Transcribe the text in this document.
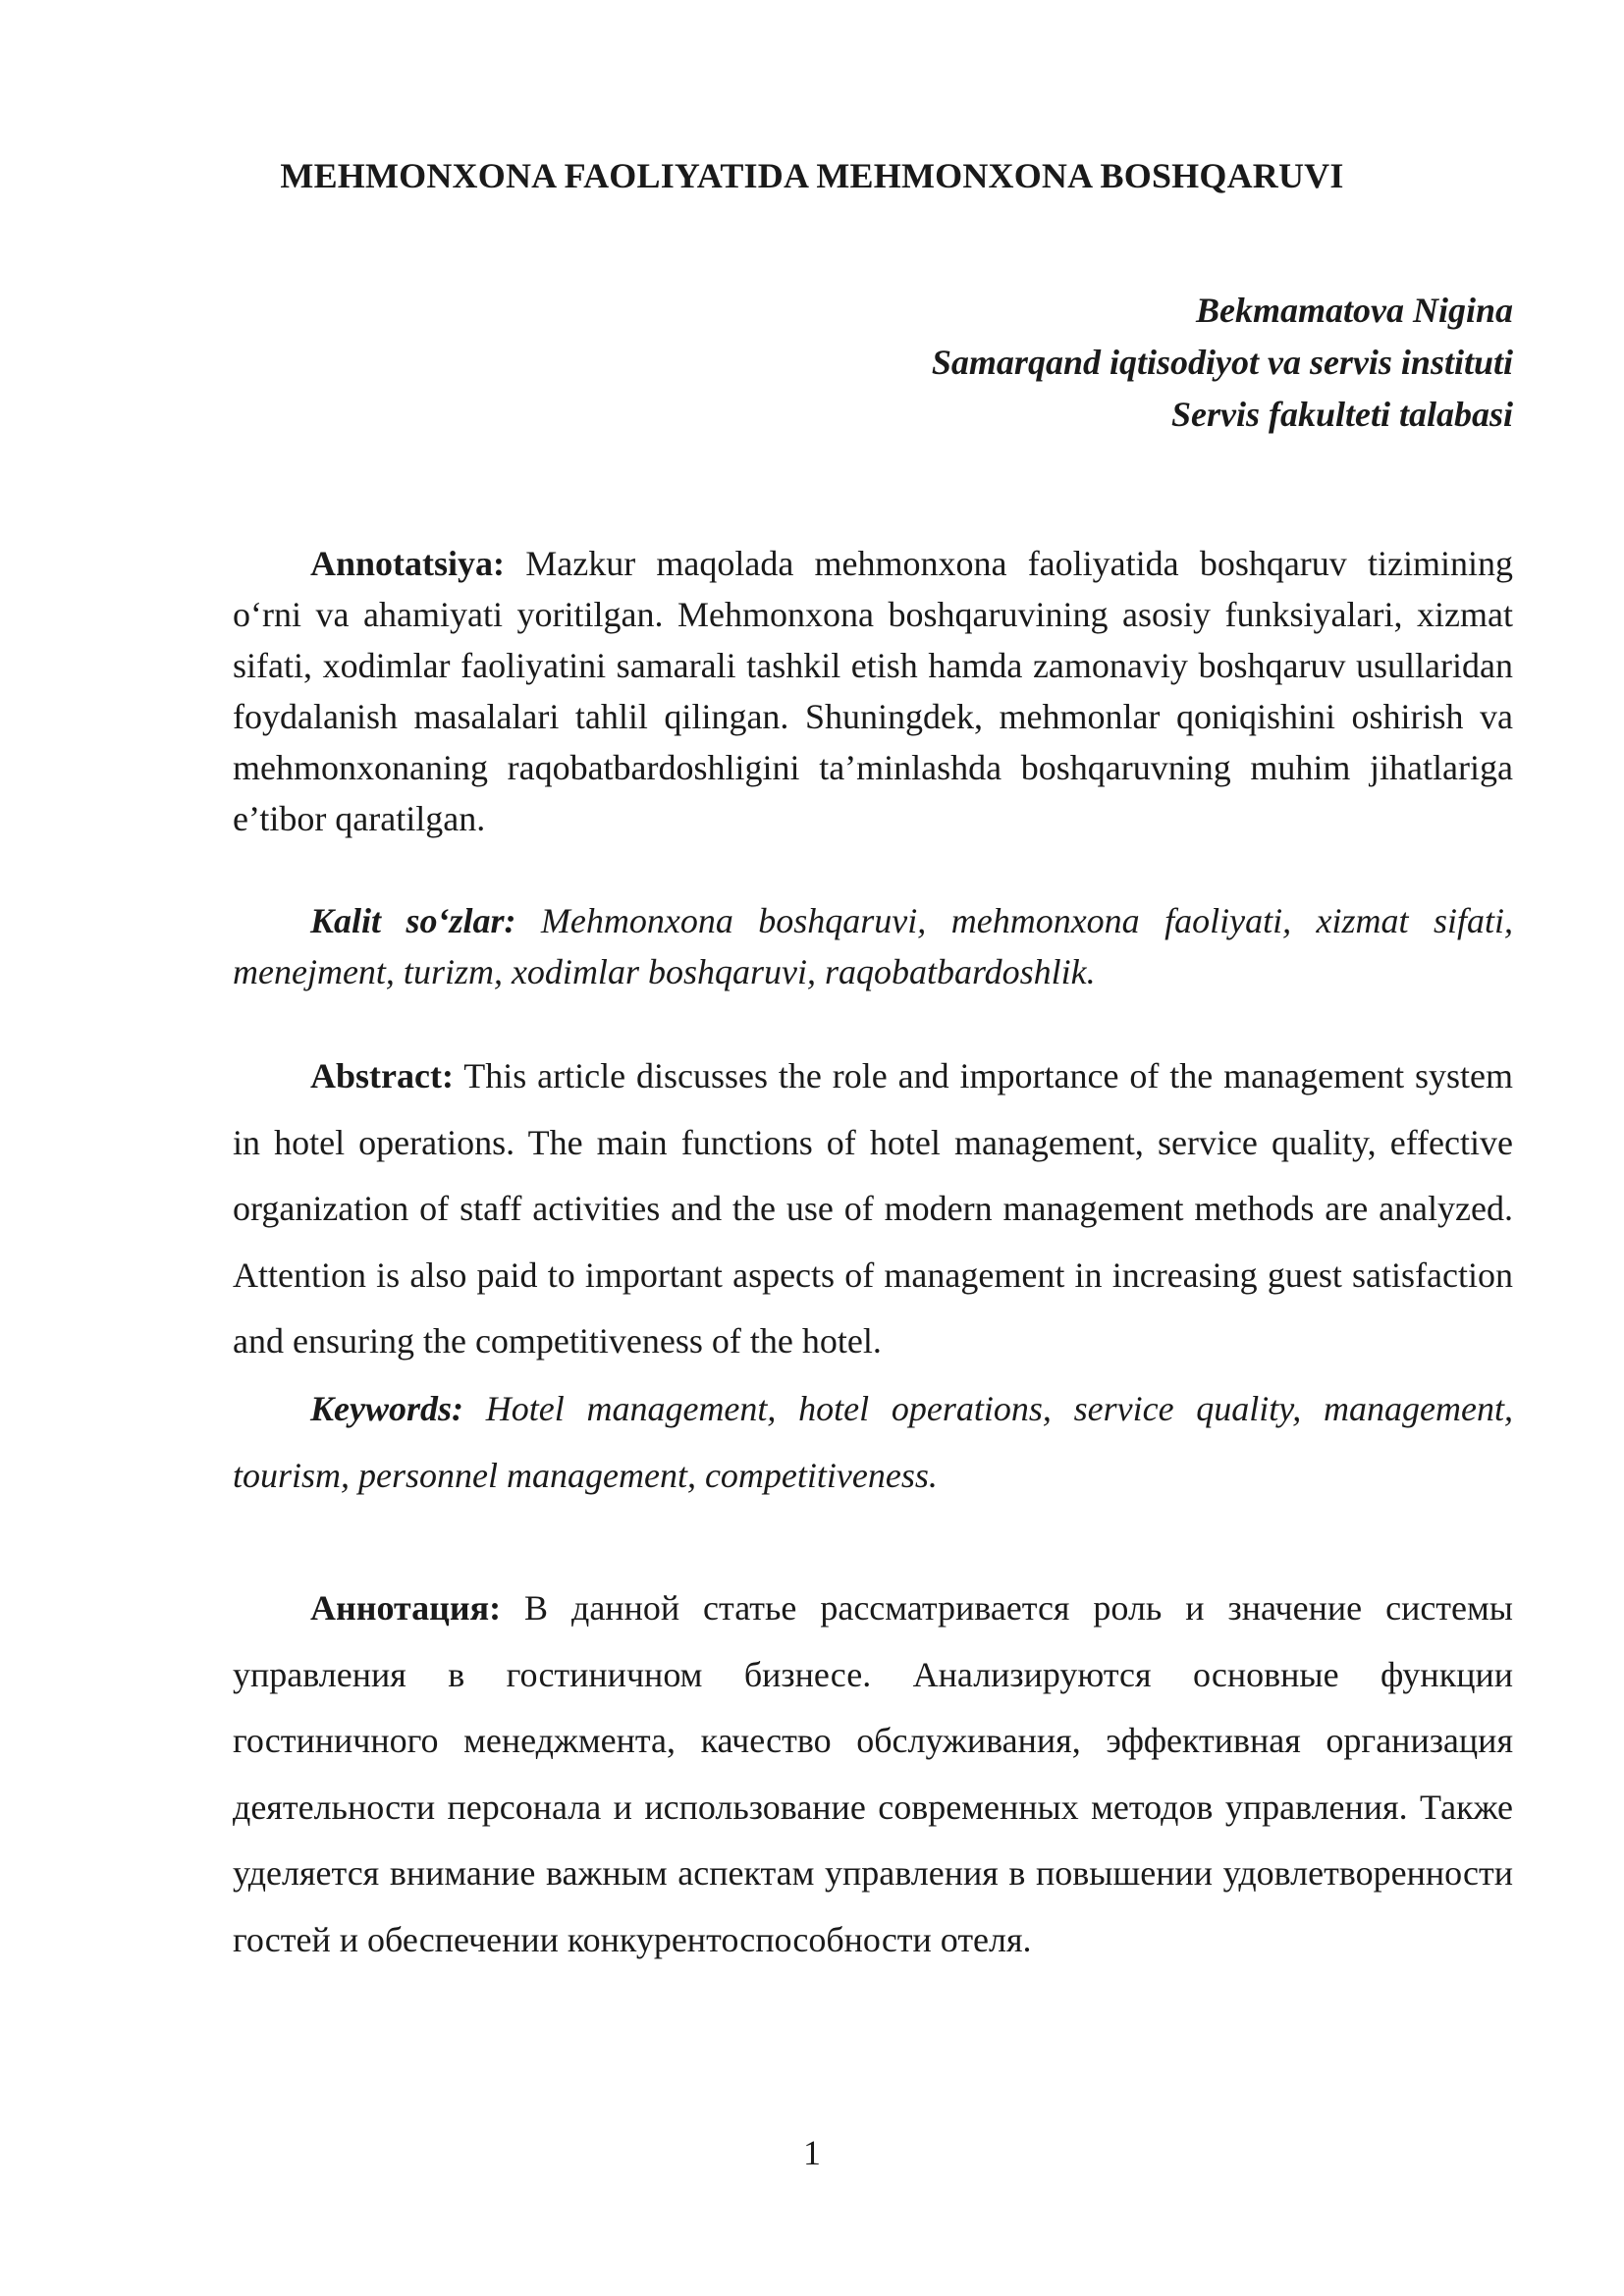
MEHMONXONA FAOLIYATIDA MEHMONXONA BOSHQARUVI
Bekmamatova Nigina
Samarqand iqtisodiyot va servis instituti
Servis fakulteti talabasi

Annotatsiya: Mazkur maqolada mehmonxona faoliyatida boshqaruv tizimining o‘rni va ahamiyati yoritilgan. Mehmonxona boshqaruvining asosiy funksiyalari, xizmat sifati, xodimlar faoliyatini samarali tashkil etish hamda zamonaviy boshqaruv usullaridan foydalanish masalalari tahlil qilingan. Shuningdek, mehmonlar qoniqishini oshirish va mehmonxonaning raqobatbardoshligini ta’minlashda boshqaruvning muhim jihatlariga e’tibor qaratilgan.

Kalit so‘zlar: Mehmonxona boshqaruvi, mehmonxona faoliyati, xizmat sifati, menejment, turizm, xodimlar boshqaruvi, raqobatbardoshlik.

Abstract: This article discusses the role and importance of the management system in hotel operations. The main functions of hotel management, service quality, effective organization of staff activities and the use of modern management methods are analyzed. Attention is also paid to important aspects of management in increasing guest satisfaction and ensuring the competitiveness of the hotel.

Keywords: Hotel management, hotel operations, service quality, management, tourism, personnel management, competitiveness.

Аннотация: В данной статье рассматривается роль и значение системы управления в гостиничном бизнесе. Анализируются основные функции гостиничного менеджмента, качество обслуживания, эффективная организация деятельности персонала и использование современных методов управления. Также уделяется внимание важным аспектам управления в повышении удовлетворенности гостей и обеспечении конкурентоспособности отеля.

1
